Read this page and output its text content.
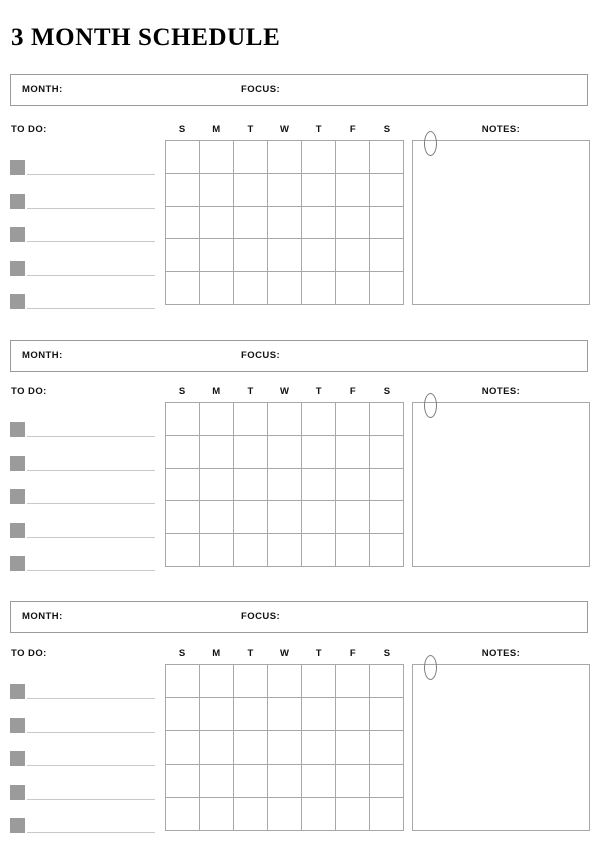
3 MONTH SCHEDULE
MONTH:	FOCUS:
TO DO:	S	M	T	W	T	F	S	NOTES:
MONTH:	FOCUS:
TO DO:	S	M	T	W	T	F	S	NOTES:
MONTH:	FOCUS:
TO DO:	S	M	T	W	T	F	S	NOTES:
